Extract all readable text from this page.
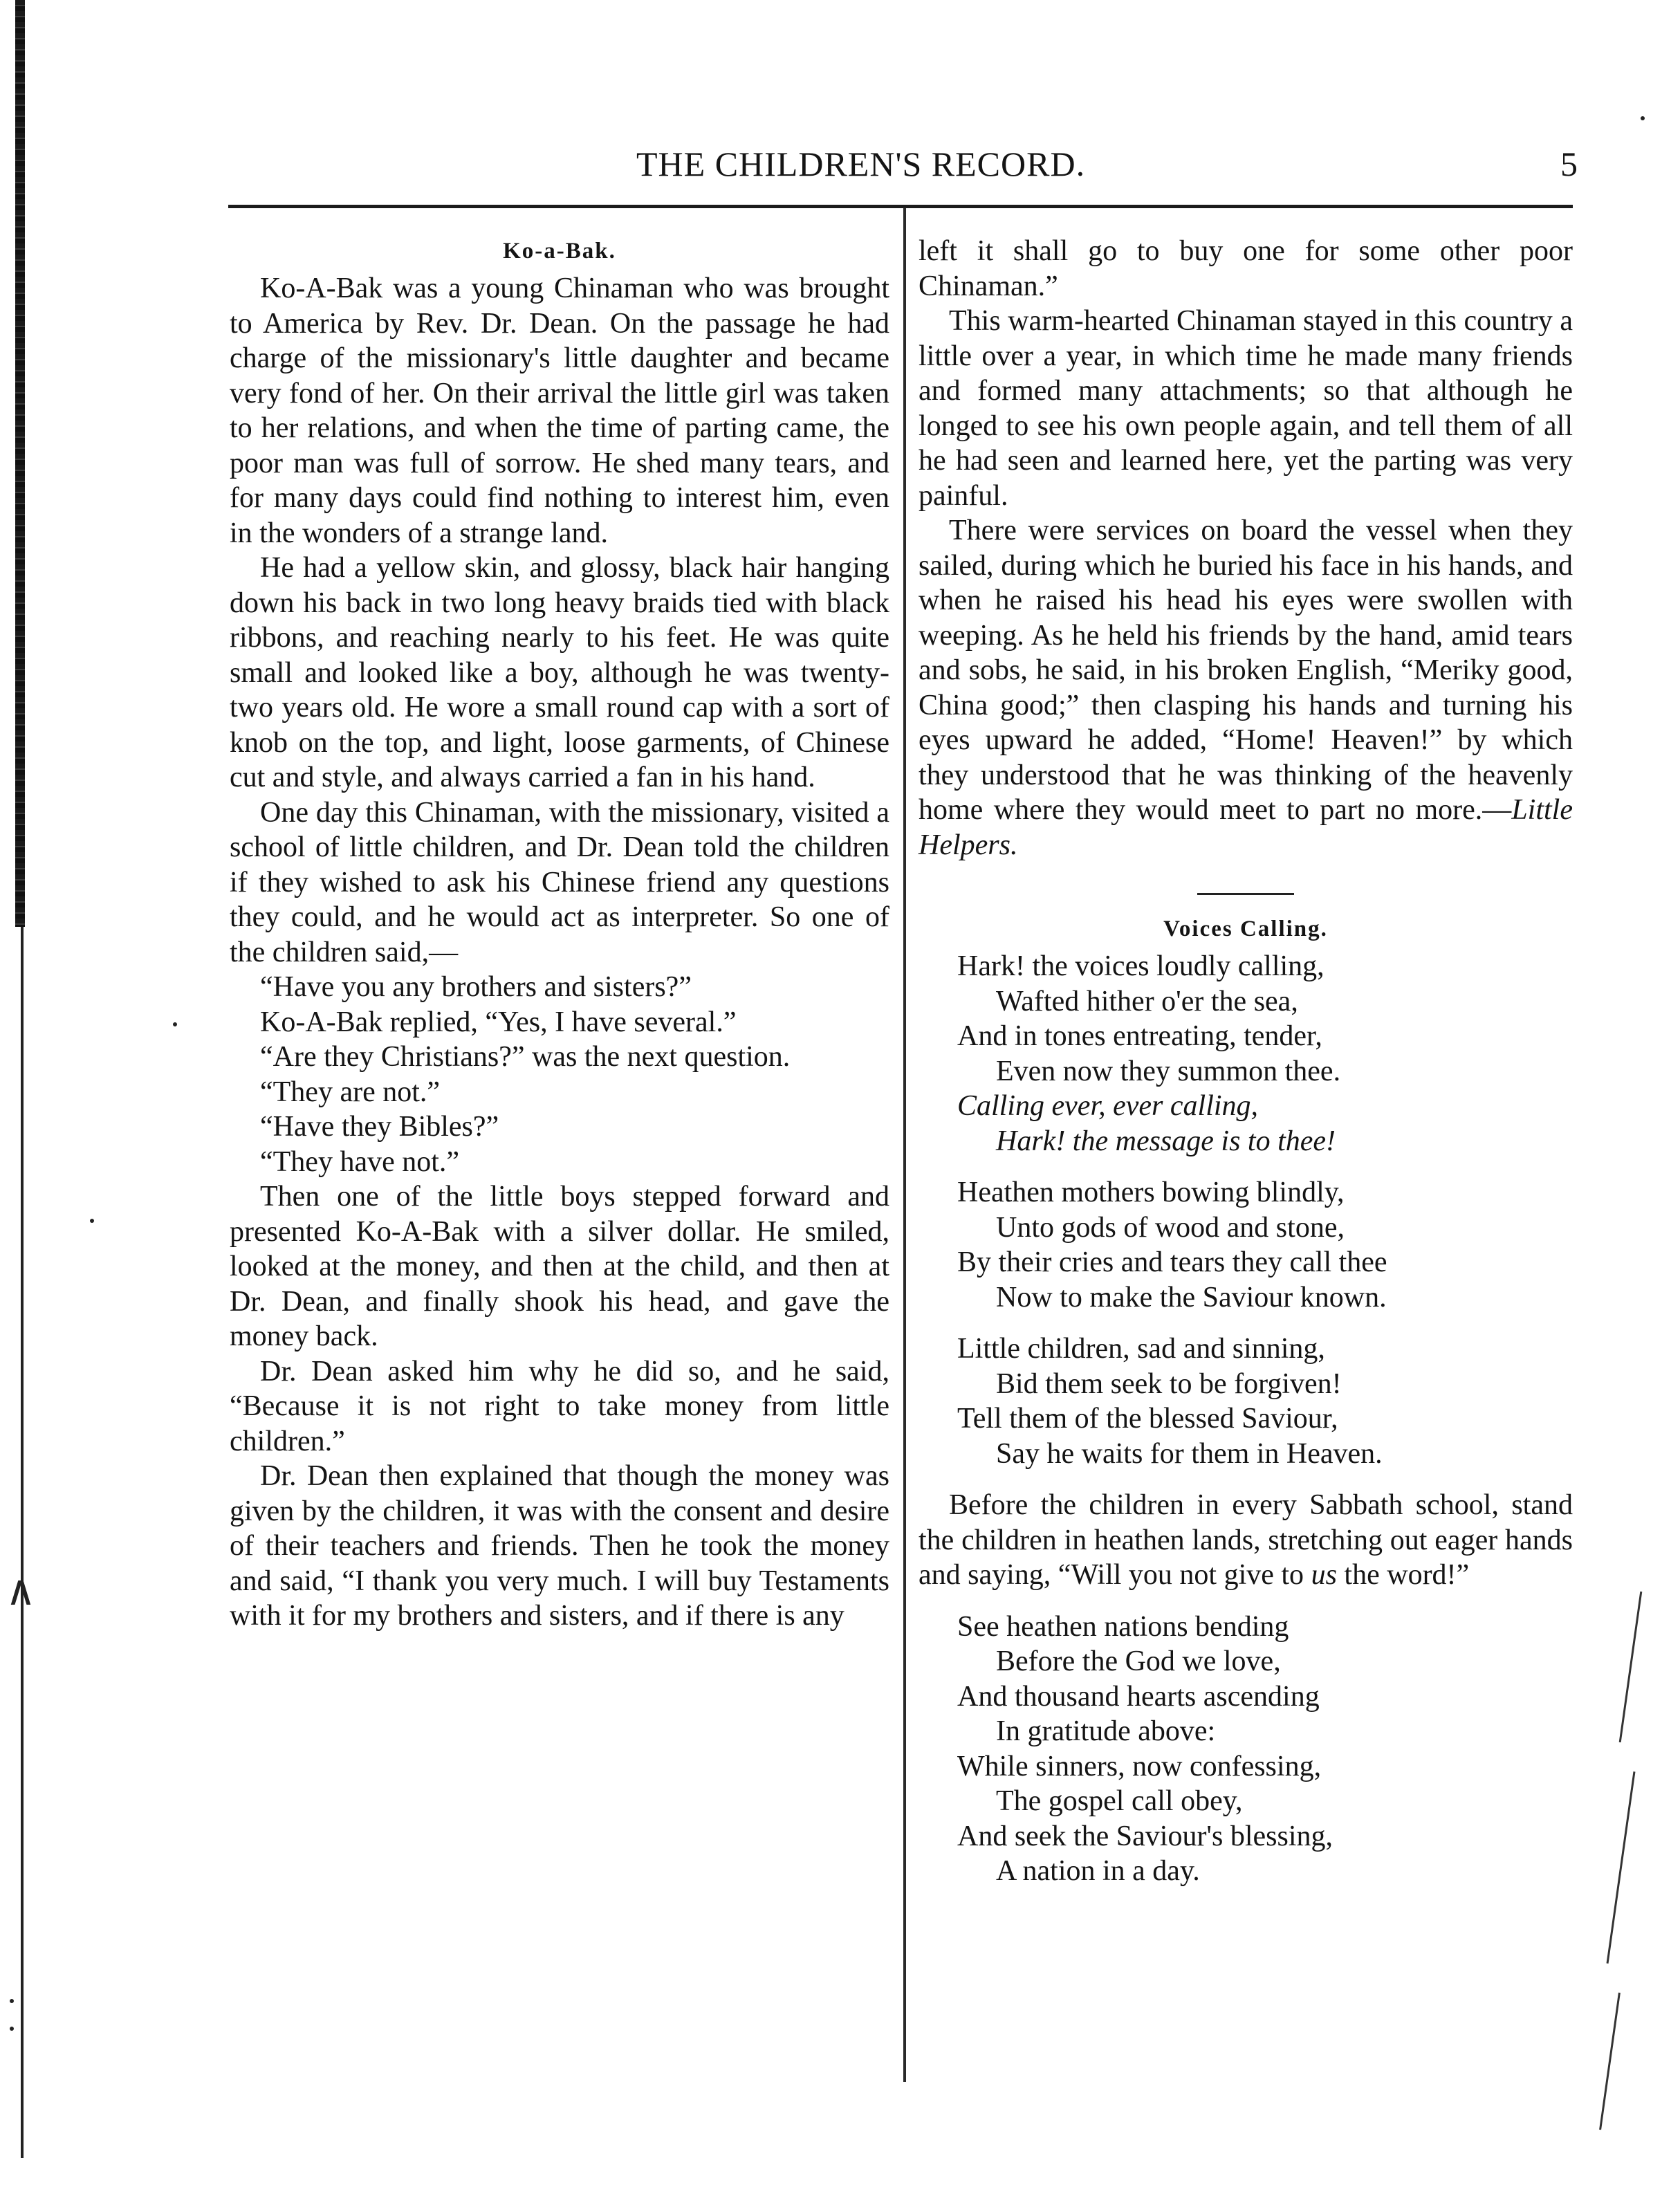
∧
THE CHILDREN'S RECORD.	5
Ko-a-Bak.

Ko-A-Bak was a young Chinaman who was brought to America by Rev. Dr. Dean. On the passage he had charge of the missionary's little daughter and became very fond of her. On their arrival the little girl was taken to her relations, and when the time of parting came, the poor man was full of sorrow. He shed many tears, and for many days could find nothing to interest him, even in the wonders of a strange land.

He had a yellow skin, and glossy, black hair hanging down his back in two long heavy braids tied with black ribbons, and reaching nearly to his feet. He was quite small and looked like a boy, although he was twenty-two years old. He wore a small round cap with a sort of knob on the top, and light, loose garments, of Chinese cut and style, and always carried a fan in his hand.

One day this Chinaman, with the missionary, visited a school of little children, and Dr. Dean told the children if they wished to ask his Chinese friend any questions they could, and he would act as interpreter. So one of the children said,—

“Have you any brothers and sisters?”

Ko-A-Bak replied, “Yes, I have several.”

“Are they Christians?” was the next question.

“They are not.”

“Have they Bibles?”

“They have not.”

Then one of the little boys stepped forward and presented Ko-A-Bak with a silver dollar. He smiled, looked at the money, and then at the child, and then at Dr. Dean, and finally shook his head, and gave the money back.

Dr. Dean asked him why he did so, and he said, “Because it is not right to take money from little children.”

Dr. Dean then explained that though the money was given by the children, it was with the consent and desire of their teachers and friends. Then he took the money and said, “I thank you very much. I will buy Testaments with it for my brothers and sisters, and if there is any

left it shall go to buy one for some other poor Chinaman.”

This warm-hearted Chinaman stayed in this country a little over a year, in which time he made many friends and formed many attachments; so that although he longed to see his own people again, and tell them of all he had seen and learned here, yet the parting was very painful.

There were services on board the vessel when they sailed, during which he buried his face in his hands, and when he raised his head his eyes were swollen with weeping. As he held his friends by the hand, amid tears and sobs, he said, in his broken English, “Meriky good, China good;” then clasping his hands and turning his eyes upward he added, “Home! Heaven!” by which they understood that he was thinking of the heavenly home where they would meet to part no more.—Little Helpers.

Voices Calling.
Hark! the voices loudly calling,
Wafted hither o'er the sea,
And in tones entreating, tender,
Even now they summon thee.
Calling ever, ever calling,
Hark! the message is to thee!
Heathen mothers bowing blindly,
Unto gods of wood and stone,
By their cries and tears they call thee
Now to make the Saviour known.
Little children, sad and sinning,
Bid them seek to be forgiven!
Tell them of the blessed Saviour,
Say he waits for them in Heaven.

Before the children in every Sabbath school, stand the children in heathen lands, stretching out eager hands and saying, “Will you not give to us the word!”

See heathen nations bending
Before the God we love,
And thousand hearts ascending
In gratitude above:
While sinners, now confessing,
The gospel call obey,
And seek the Saviour's blessing,
A nation in a day.
